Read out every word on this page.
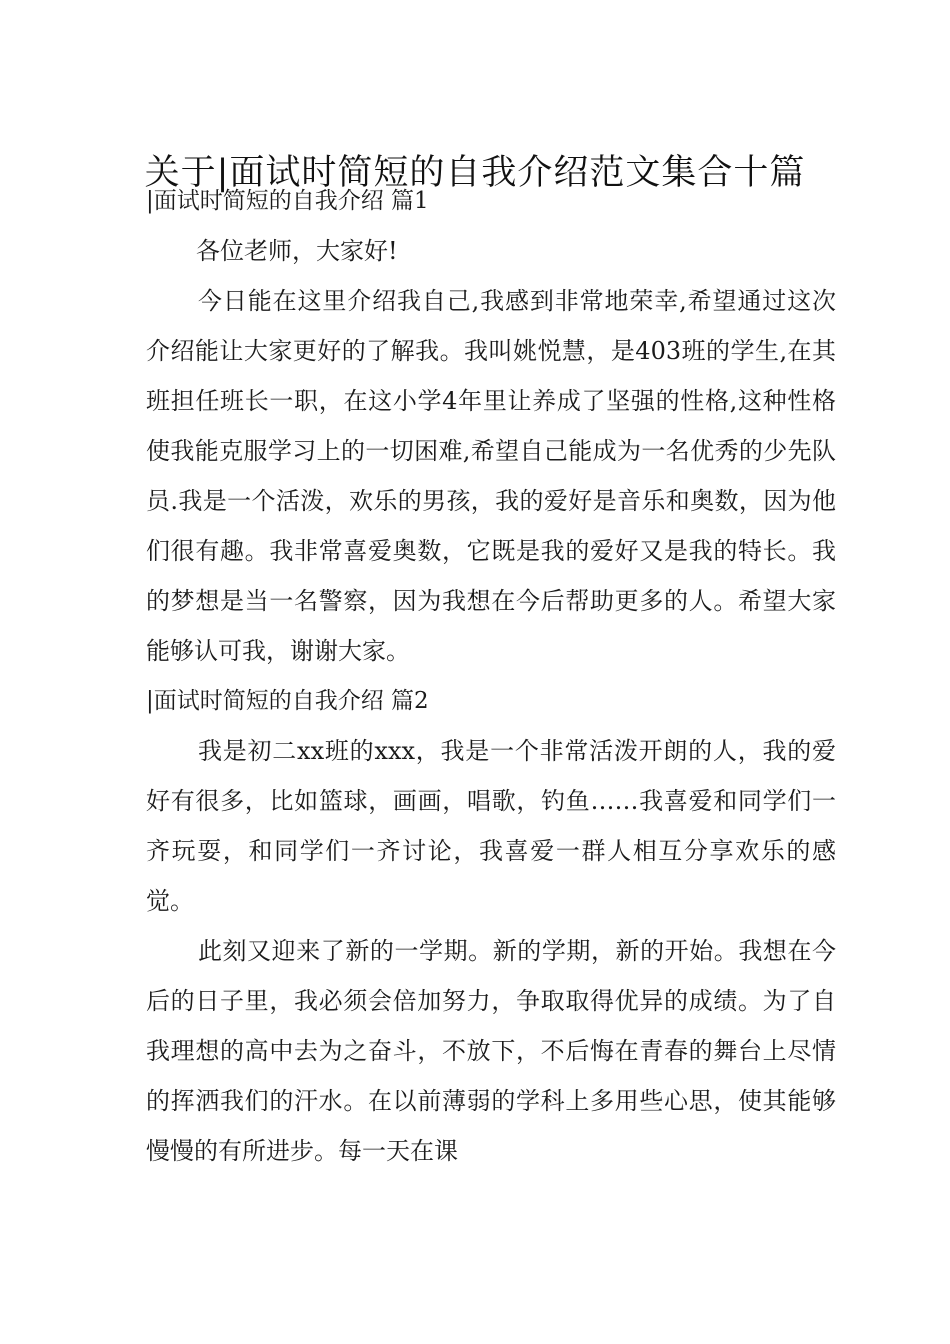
关于|面试时简短的自我介绍范文集合十篇

|面试时简短的自我介绍 篇1

各位老师，大家好!

今日能在这里介绍我自己,我感到非常地荣幸,希望通过这次介绍能让大家更好的了解我。我叫姚悦慧，是403班的学生,在其班担任班长一职，在这小学4年里让养成了坚强的性格,这种性格使我能克服学习上的一切困难,希望自己能成为一名优秀的少先队员.我是一个活泼，欢乐的男孩，我的爱好是音乐和奥数，因为他们很有趣。我非常喜爱奥数，它既是我的爱好又是我的特长。我的梦想是当一名警察，因为我想在今后帮助更多的人。希望大家能够认可我，谢谢大家。

|面试时简短的自我介绍 篇2

我是初二xx班的xxx，我是一个非常活泼开朗的人，我的爱好有很多，比如篮球，画画，唱歌，钓鱼……我喜爱和同学们一齐玩耍，和同学们一齐讨论，我喜爱一群人相互分享欢乐的感觉。

此刻又迎来了新的一学期。新的学期，新的开始。我想在今后的日子里，我必须会倍加努力，争取取得优异的成绩。为了自我理想的高中去为之奋斗，不放下，不后悔在青春的舞台上尽情的挥洒我们的汗水。在以前薄弱的学科上多用些心思，使其能够慢慢的有所进步。每一天在课
